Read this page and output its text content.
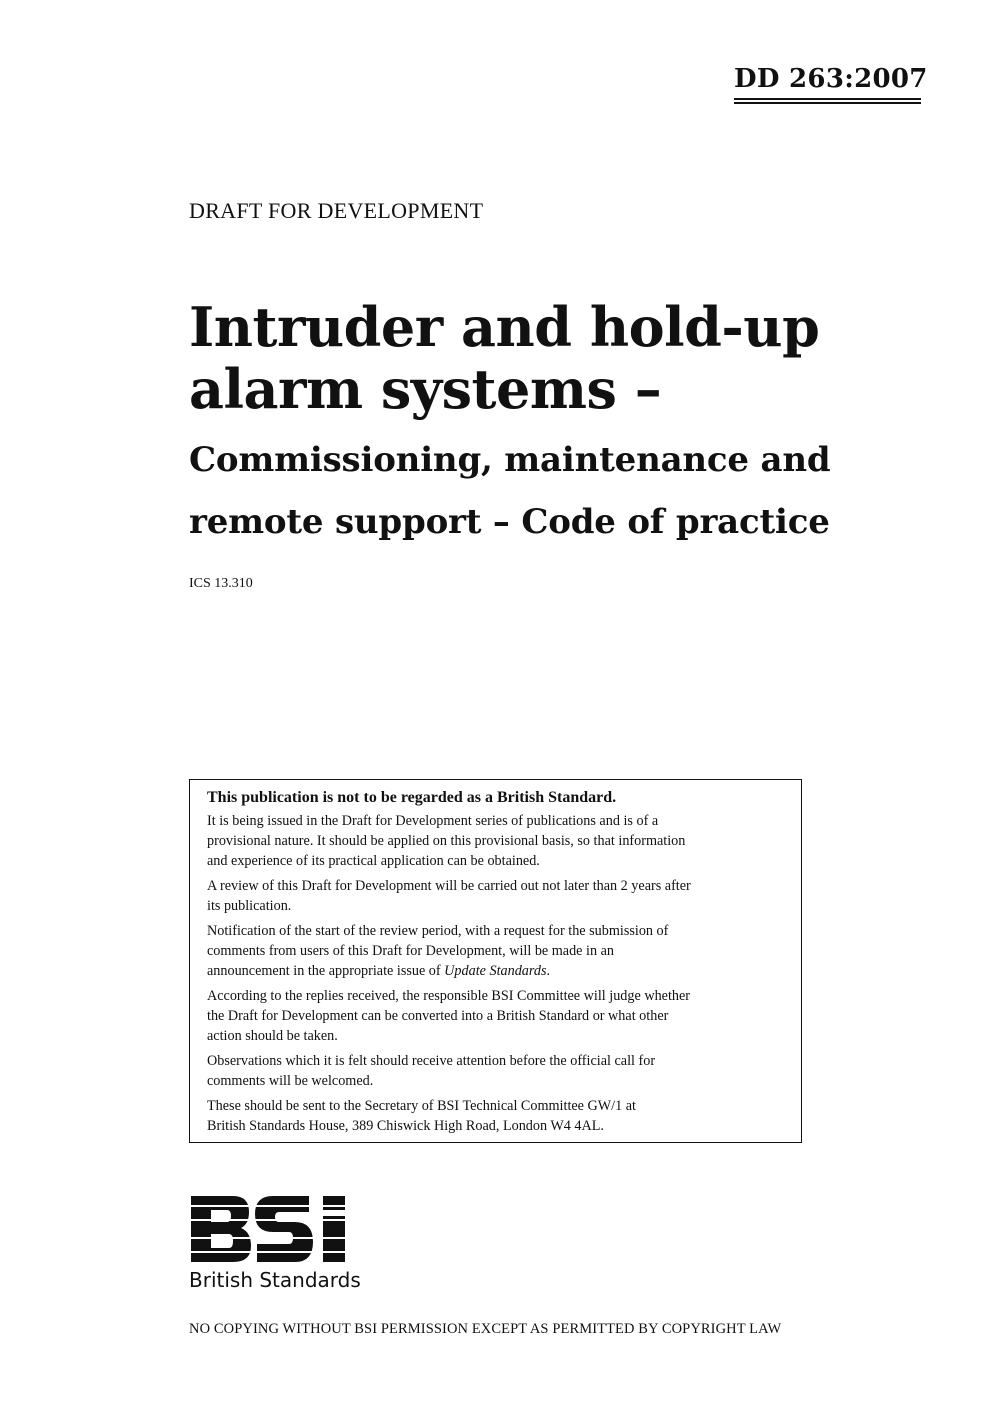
DD 263:2007
DRAFT FOR DEVELOPMENT
Intruder and hold-up
alarm systems –
Commissioning, maintenance and
remote support – Code of practice
ICS 13.310
This publication is not to be regarded as a British Standard.

It is being issued in the Draft for Development series of publications and is of a
provisional nature. It should be applied on this provisional basis, so that information
and experience of its practical application can be obtained.

A review of this Draft for Development will be carried out not later than 2 years after
its publication.

Notification of the start of the review period, with a request for the submission of
comments from users of this Draft for Development, will be made in an
announcement in the appropriate issue of Update Standards.

According to the replies received, the responsible BSI Committee will judge whether
the Draft for Development can be converted into a British Standard or what other
action should be taken.

Observations which it is felt should receive attention before the official call for
comments will be welcomed.

These should be sent to the Secretary of BSI Technical Committee GW/1 at
British Standards House, 389 Chiswick High Road, London W4 4AL.

British Standards
NO COPYING WITHOUT BSI PERMISSION EXCEPT AS PERMITTED BY COPYRIGHT LAW
